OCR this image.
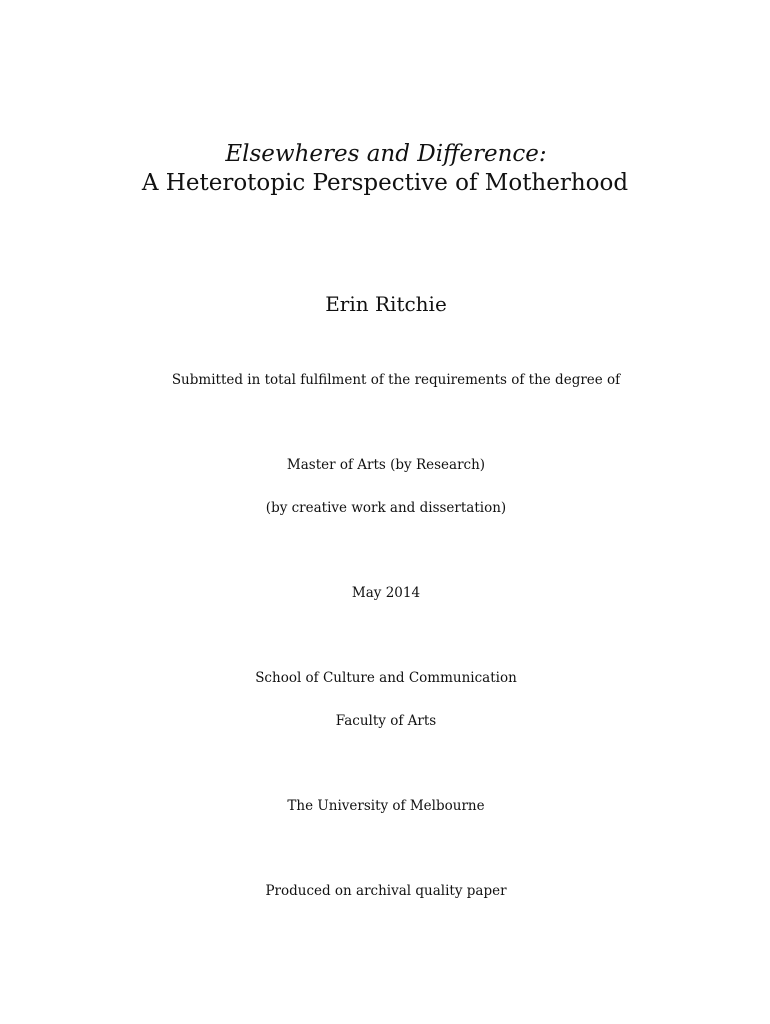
Elsewheres and Difference:
A Heterotopic Perspective of Motherhood
Erin Ritchie
Submitted in total fulfilment of the requirements of the degree of
Master of Arts (by Research)
(by creative work and dissertation)
May 2014
School of Culture and Communication
Faculty of Arts
The University of Melbourne
Produced on archival quality paper
